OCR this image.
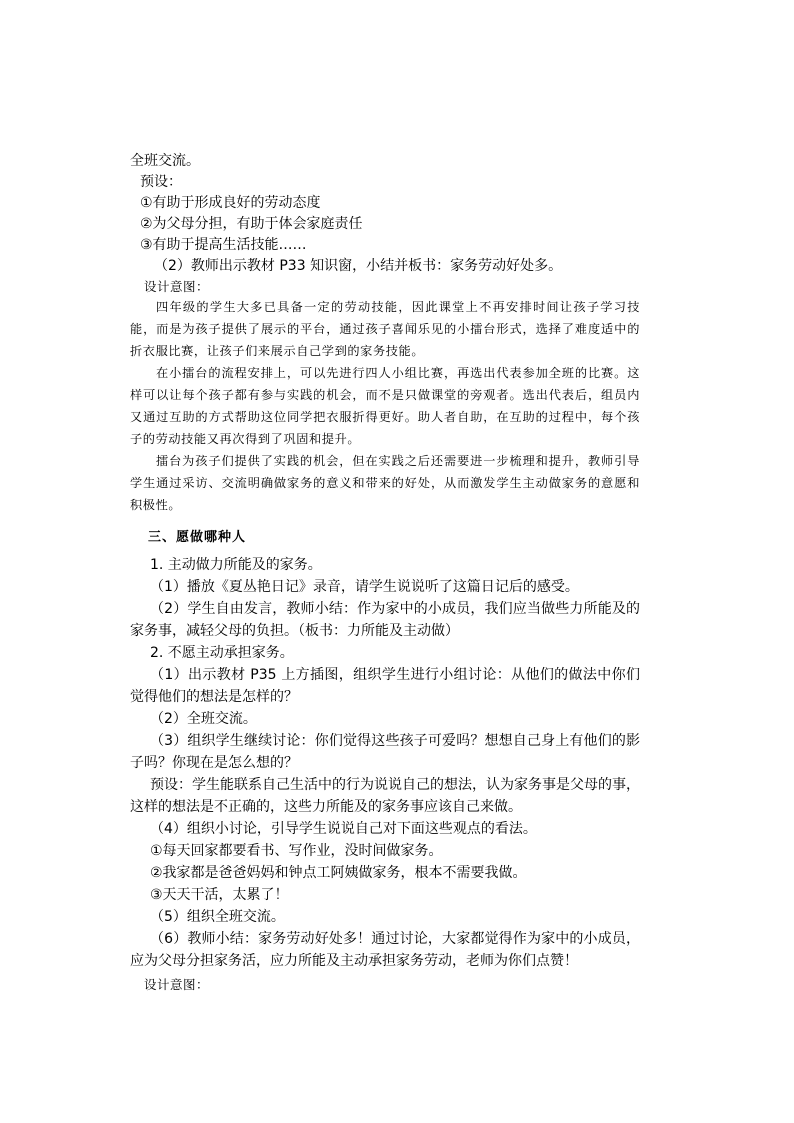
全班交流。
预设：
①有助于形成良好的劳动态度
②为父母分担，有助于体会家庭责任
③有助于提高生活技能……
（2）教师出示教材 P33 知识窗，小结并板书：家务劳动好处多。
设计意图：

四年级的学生大多已具备一定的劳动技能，因此课堂上不再安排时间让孩子学习技能，而是为孩子提供了展示的平台，通过孩子喜闻乐见的小擂台形式，选择了难度适中的折衣服比赛，让孩子们来展示自己学到的家务技能。

在小擂台的流程安排上，可以先进行四人小组比赛，再选出代表参加全班的比赛。这样可以让每个孩子都有参与实践的机会，而不是只做课堂的旁观者。选出代表后，组员内又通过互助的方式帮助这位同学把衣服折得更好。助人者自助，在互助的过程中，每个孩子的劳动技能又再次得到了巩固和提升。

擂台为孩子们提供了实践的机会，但在实践之后还需要进一步梳理和提升，教师引导学生通过采访、交流明确做家务的意义和带来的好处，从而激发学生主动做家务的意愿和积极性。

三、愿做哪种人

1. 主动做力所能及的家务。

（1）播放《夏丛艳日记》录音，请学生说说听了这篇日记后的感受。

（2）学生自由发言，教师小结：作为家中的小成员，我们应当做些力所能及的家务事，减轻父母的负担。（板书：力所能及主动做）

2. 不愿主动承担家务。

（1）出示教材 P35 上方插图，组织学生进行小组讨论：从他们的做法中你们觉得他们的想法是怎样的？

（2）全班交流。

（3）组织学生继续讨论：你们觉得这些孩子可爱吗？想想自己身上有他们的影子吗？你现在是怎么想的？

预设：学生能联系自己生活中的行为说说自己的想法，认为家务事是父母的事，这样的想法是不正确的，这些力所能及的家务事应该自己来做。

（4）组织小讨论，引导学生说说自己对下面这些观点的看法。

①每天回家都要看书、写作业，没时间做家务。

②我家都是爸爸妈妈和钟点工阿姨做家务，根本不需要我做。

③天天干活，太累了！

（5）组织全班交流。

（6）教师小结：家务劳动好处多！通过讨论，大家都觉得作为家中的小成员，应为父母分担家务活，应力所能及主动承担家务劳动，老师为你们点赞！

设计意图：
